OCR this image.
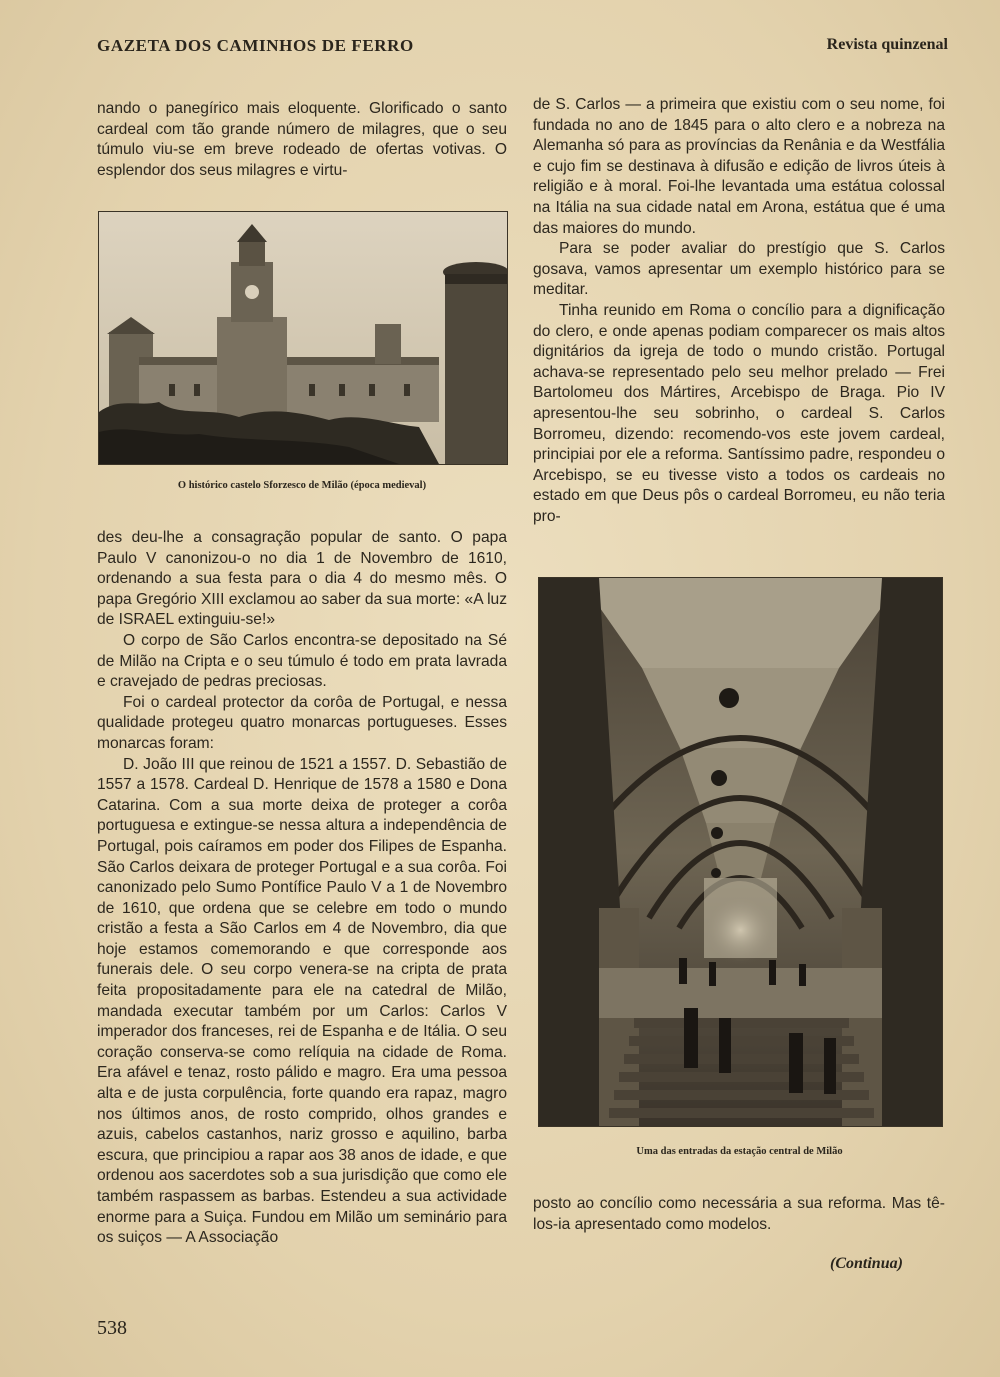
GAZETA DOS CAMINHOS DE FERRO	Revista quinzenal

nando o panegírico mais eloquente. Glorificado o santo cardeal com tão grande número de milagres, que o seu túmulo viu-se em breve rodeado de ofertas votivas. O esplendor dos seus milagres e virtu-

O histórico castelo Sforzesco de Milão (época medieval)

des deu-lhe a consagração popular de santo. O papa Paulo V canonizou-o no dia 1 de Novembro de 1610, ordenando a sua festa para o dia 4 do mesmo mês. O papa Gregório XIII exclamou ao saber da sua morte: «A luz de ISRAEL extinguiu-se!»

O corpo de São Carlos encontra-se depositado na Sé de Milão na Cripta e o seu túmulo é todo em prata lavrada e cravejado de pedras preciosas.

Foi o cardeal protector da corôa de Portugal, e nessa qualidade protegeu quatro monarcas portugueses. Esses monarcas foram:

D. João III que reinou de 1521 a 1557. D. Sebastião de 1557 a 1578. Cardeal D. Henrique de 1578 a 1580 e Dona Catarina. Com a sua morte deixa de proteger a corôa portuguesa e extingue-se nessa altura a independência de Portugal, pois caíramos em poder dos Filipes de Espanha. São Carlos deixara de proteger Portugal e a sua corôa. Foi canonizado pelo Sumo Pontífice Paulo V a 1 de Novembro de 1610, que ordena que se celebre em todo o mundo cristão a festa a São Carlos em 4 de Novembro, dia que hoje estamos comemorando e que corresponde aos funerais dele. O seu corpo venera-se na cripta de prata feita propositadamente para ele na catedral de Milão, mandada executar também por um Carlos: Carlos V imperador dos franceses, rei de Espanha e de Itália. O seu coração conserva-se como relíquia na cidade de Roma. Era afável e tenaz, rosto pálido e magro. Era uma pessoa alta e de justa corpulência, forte quando era rapaz, magro nos últimos anos, de rosto comprido, olhos grandes e azuis, cabelos castanhos, nariz grosso e aquilino, barba escura, que principiou a rapar aos 38 anos de idade, e que ordenou aos sacerdotes sob a sua jurisdição que como ele também raspassem as barbas. Estendeu a sua actividade enorme para a Suiça. Fundou em Milão um seminário para os suiços — A Associação

de S. Carlos — a primeira que existiu com o seu nome, foi fundada no ano de 1845 para o alto clero e a nobreza na Alemanha só para as províncias da Renânia e da Westfália e cujo fim se destinava à difusão e edição de livros úteis à religião e à moral. Foi-lhe levantada uma estátua colossal na Itália na sua cidade natal em Arona, estátua que é uma das maiores do mundo.

Para se poder avaliar do prestígio que S. Carlos gosava, vamos apresentar um exemplo histórico para se meditar.

Tinha reunido em Roma o concílio para a dignificação do clero, e onde apenas podiam comparecer os mais altos dignitários da igreja de todo o mundo cristão. Portugal achava-se representado pelo seu melhor prelado — Frei Bartolomeu dos Mártires, Arcebispo de Braga. Pio IV apresentou-lhe seu sobrinho, o cardeal S. Carlos Borromeu, dizendo: recomendo-vos este jovem cardeal, principiai por ele a reforma. Santíssimo padre, respondeu o Arcebispo, se eu tivesse visto a todos os cardeais no estado em que Deus pôs o cardeal Borromeu, eu não teria pro-

Uma das entradas da estação central de Milão

posto ao concílio como necessária a sua reforma. Mas tê-los-ia apresentado como modelos.

(Continua)
538
